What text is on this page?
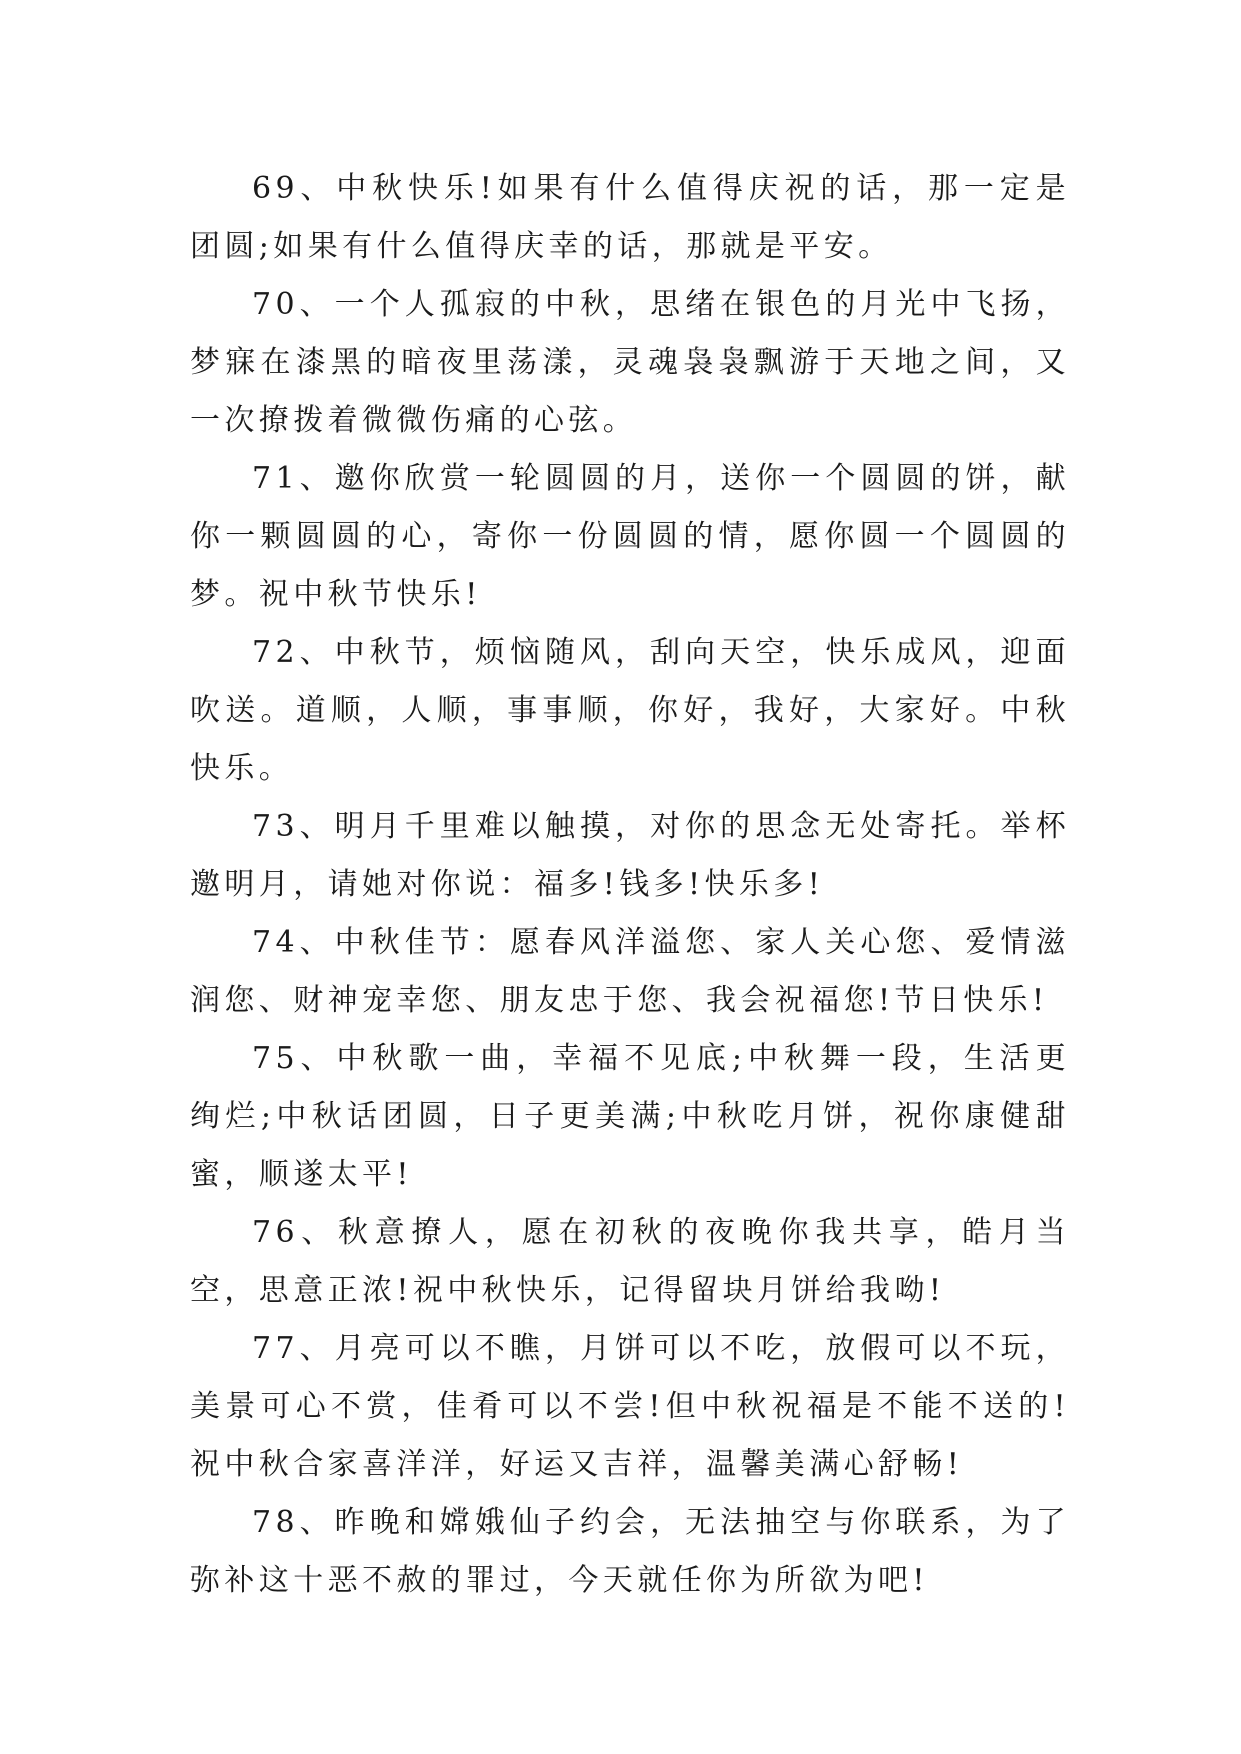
69、中秋快乐!如果有什么值得庆祝的话，那一定是团圆;如果有什么值得庆幸的话，那就是平安。

70、一个人孤寂的中秋，思绪在银色的月光中飞扬，梦寐在漆黑的暗夜里荡漾，灵魂袅袅飘游于天地之间，又一次撩拨着微微伤痛的心弦。

71、邀你欣赏一轮圆圆的月，送你一个圆圆的饼，献你一颗圆圆的心，寄你一份圆圆的情，愿你圆一个圆圆的梦。祝中秋节快乐!

72、中秋节，烦恼随风，刮向天空，快乐成风，迎面吹送。道顺，人顺，事事顺，你好，我好，大家好。中秋快乐。

73、明月千里难以触摸，对你的思念无处寄托。举杯邀明月，请她对你说：福多!钱多!快乐多!

74、中秋佳节：愿春风洋溢您、家人关心您、爱情滋润您、财神宠幸您、朋友忠于您、我会祝福您!节日快乐!

75、中秋歌一曲，幸福不见底;中秋舞一段，生活更绚烂;中秋话团圆，日子更美满;中秋吃月饼，祝你康健甜蜜，顺遂太平!

76、秋意撩人，愿在初秋的夜晚你我共享，皓月当空，思意正浓!祝中秋快乐，记得留块月饼给我呦!

77、月亮可以不瞧，月饼可以不吃，放假可以不玩，美景可心不赏，佳肴可以不尝!但中秋祝福是不能不送的!祝中秋合家喜洋洋，好运又吉祥，温馨美满心舒畅!

78、昨晚和嫦娥仙子约会，无法抽空与你联系，为了弥补这十恶不赦的罪过，今天就任你为所欲为吧!
